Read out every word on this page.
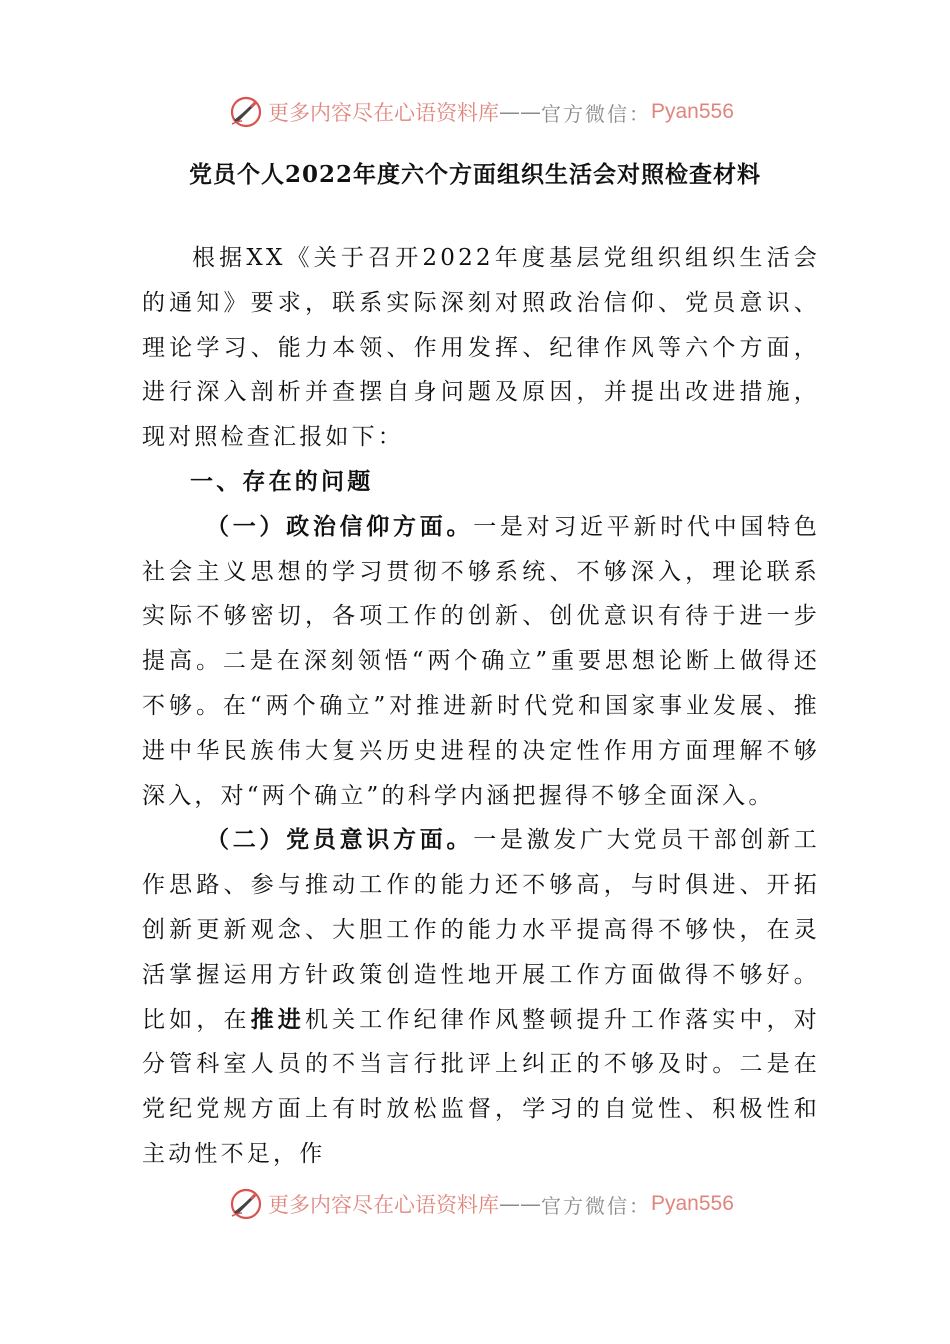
更多内容尽在心语资料库 —— 官方微信： Pyan556
党员个人2022年度六个方面组织生活会对照检查材料

根据XX《关于召开2022年度基层党组织组织生活会的通知》要求，联系实际深刻对照政治信仰、党员意识、理论学习、能力本领、作用发挥、纪律作风等六个方面，进行深入剖析并查摆自身问题及原因，并提出改进措施，现对照检查汇报如下：

一、存在的问题

（一）政治信仰方面。一是对习近平新时代中国特色社会主义思想的学习贯彻不够系统、不够深入，理论联系实际不够密切，各项工作的创新、创优意识有待于进一步提高。二是在深刻领悟“两个确立”重要思想论断上做得还不够。在“两个确立”对推进新时代党和国家事业发展、推进中华民族伟大复兴历史进程的决定性作用方面理解不够深入，对“两个确立”的科学内涵把握得不够全面深入。

（二）党员意识方面。一是激发广大党员干部创新工作思路、参与推动工作的能力还不够高，与时俱进、开拓创新更新观念、大胆工作的能力水平提高得不够快，在灵活掌握运用方针政策创造性地开展工作方面做得不够好。比如，在推进机关工作纪律作风整顿提升工作落实中，对分管科室人员的不当言行批评上纠正的不够及时。二是在党纪党规方面上有时放松监督，学习的自觉性、积极性和主动性不足，作

更多内容尽在心语资料库 —— 官方微信： Pyan556
